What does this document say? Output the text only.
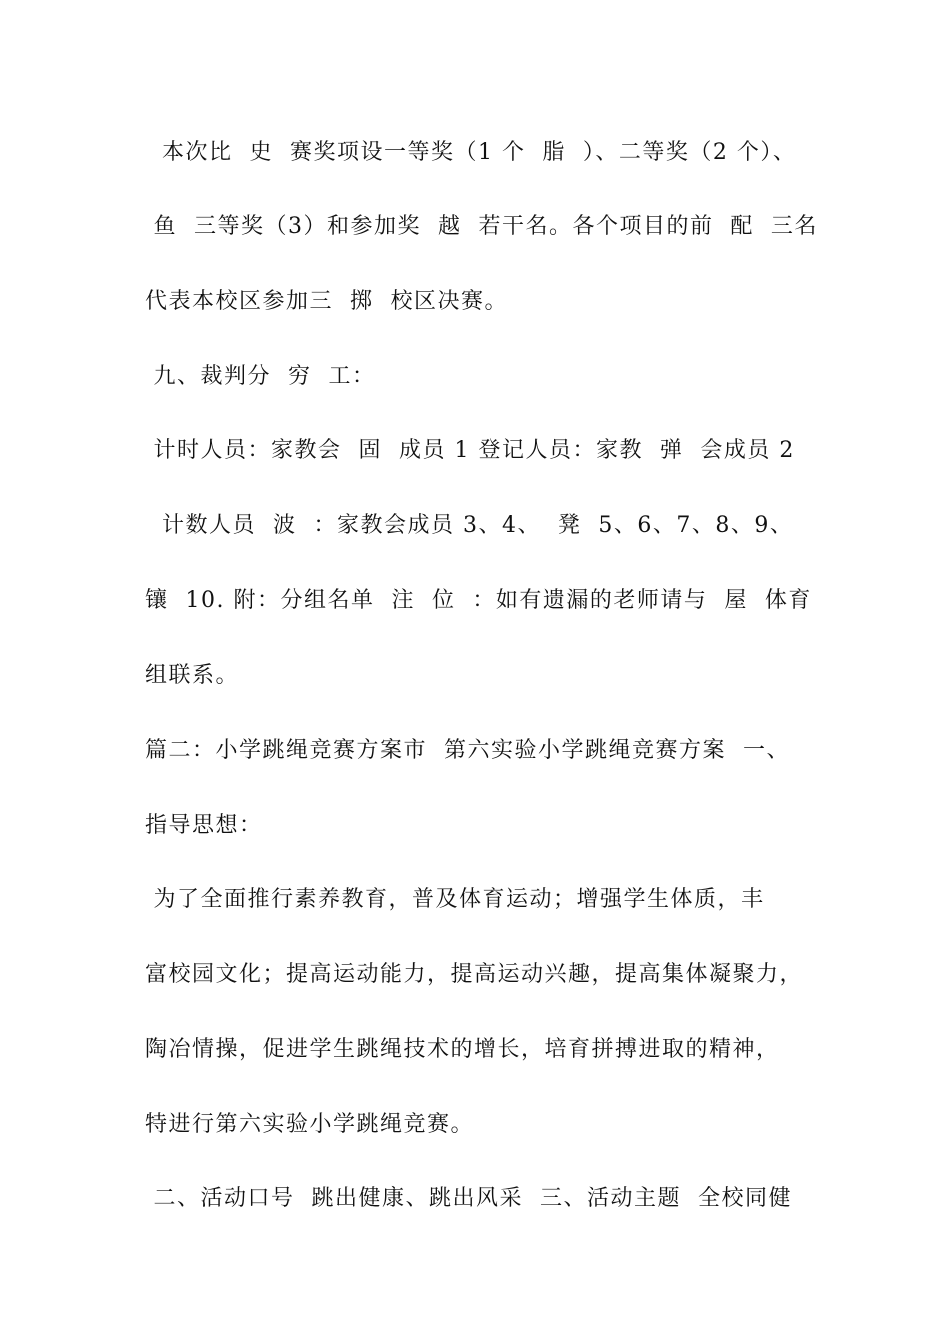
本次比  史  赛奖项设一等奖（1 个  脂  ）、二等奖（2 个）、
鱼  三等奖（3）和参加奖  越  若干名。各个项目的前  配  三名
代表本校区参加三  掷  校区决赛。
九、裁判分  穷  工：
计时人员：家教会  固  成员 1 登记人员：家教  弹  会成员 2
计数人员  波  ：家教会成员 3、4、  凳  5、6、7、8、9、
镶  10. 附：分组名单  注  位  ：如有遗漏的老师请与  屋  体育
组联系。
篇二：小学跳绳竞赛方案市  第六实验小学跳绳竞赛方案  一、
指导思想：
为了全面推行素养教育，普及体育运动；增强学生体质，丰
富校园文化；提高运动能力，提高运动兴趣，提高集体凝聚力，
陶冶情操，促进学生跳绳技术的增长，培育拼搏进取的精神，
特进行第六实验小学跳绳竞赛。
二、活动口号  跳出健康、跳出风采  三、活动主题  全校同健
